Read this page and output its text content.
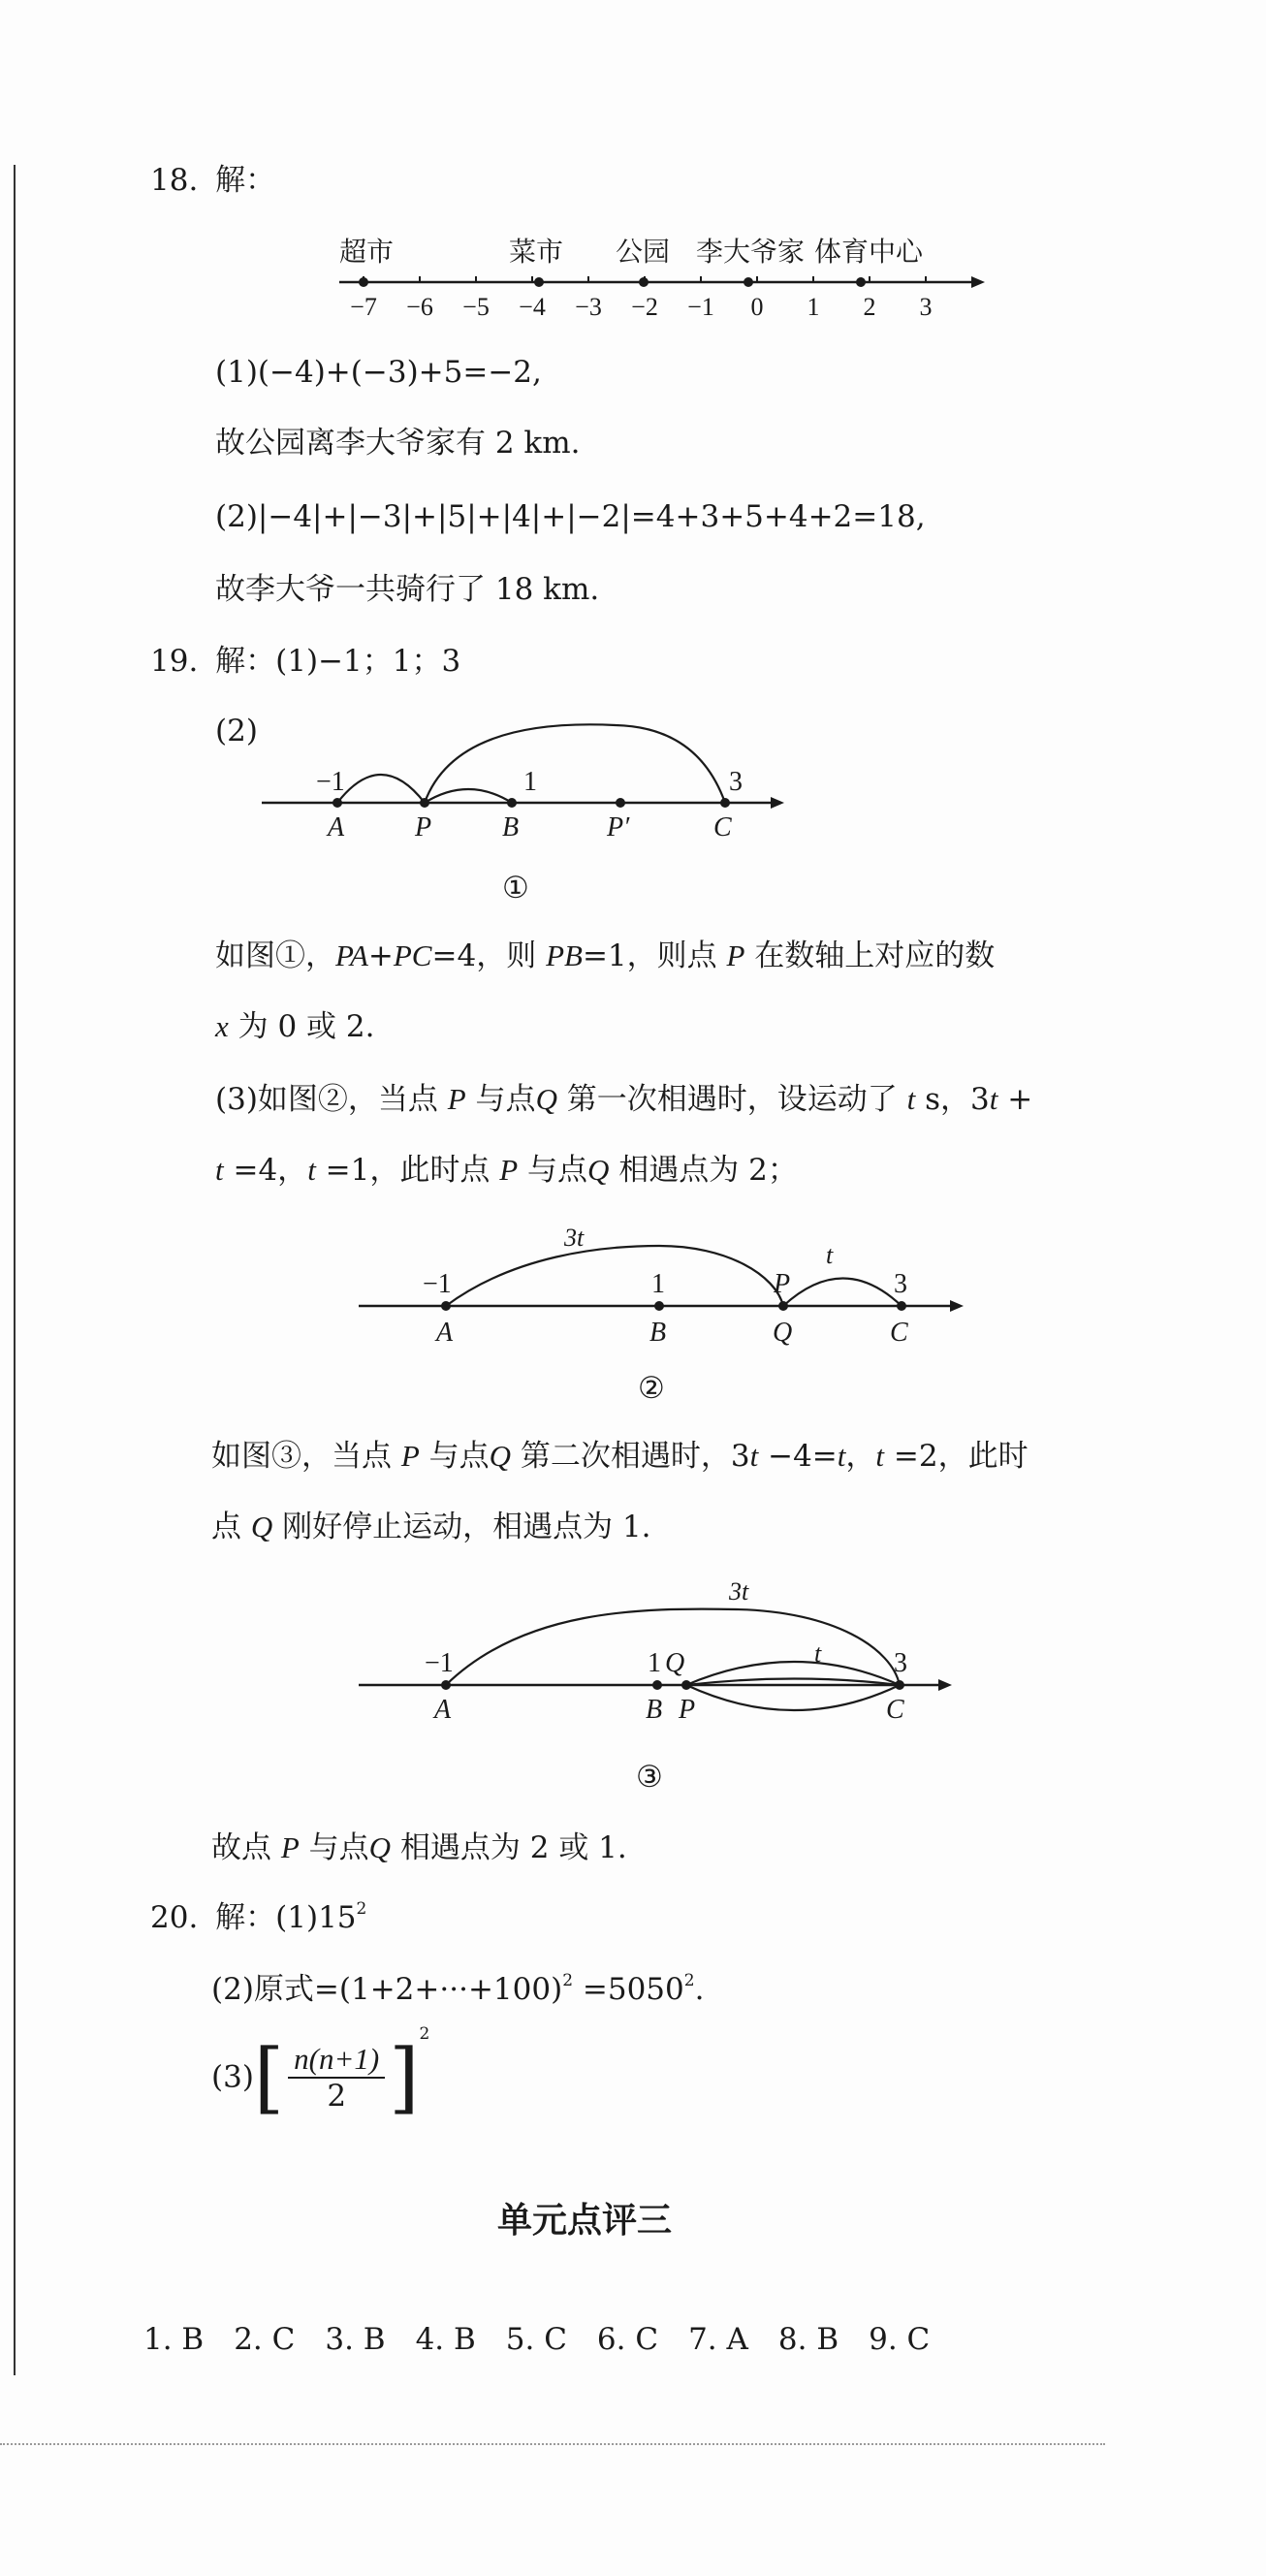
18. 解：
−7 −6 −5 −4 −3 −2 −1 0 1 2 3
超市	菜市 公园 李大爷家 体育中心
(1)(−4)+(−3)+5=−2,
故公园离李大爷家有 2 km.
(2)|−4|+|−3|+|5|+|4|+|−2|=4+3+5+4+2=18,
故李大爷一共骑行了 18 km.
19. 解：(1)−1；1；3
(2)
−1	1	3
A	P	B	P′	C
①
如图①，PA+PC=4，则 PB=1，则点 P 在数轴上对应的数
x 为 0 或 2.
(3)如图②，当点 P 与点Q 第一次相遇时，设运动了 t s，3t +
t =4，t =1，此时点 P 与点Q 相遇点为 2；
3t
t
−1	1	P	3
A	B	Q	C
②
如图③，当点 P 与点Q 第二次相遇时，3t −4=t，t =2，此时
点 Q 刚好停止运动，相遇点为 1.
3t
t
−1	1 Q	3
A	B P	C
③
故点 P 与点Q 相遇点为 2 或 1.
20. 解：$(1)15^2$
(2)原式$=(1+2+\cdot\cdot\cdot+100)^2 =5050^2$.
$(3)[ \frac{n(n+1)}{2} ]^2$
单元点评三
1. B　2. C　3. B　4. B　5. C　6. C　7. A　8. B　9. C
